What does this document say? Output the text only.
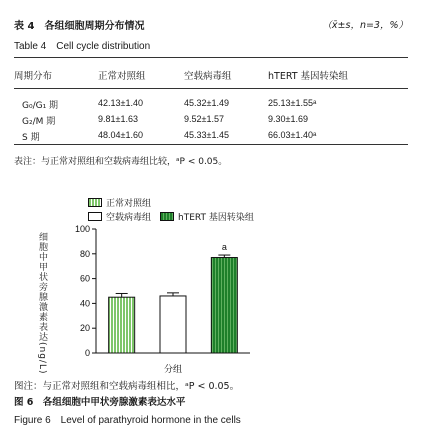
表 4　各组细胞周期分布情况	（x̄±s，n=3，%）
Table 4　Cell cycle distribution
周期分布	正常对照组	空载病毒组	hTERT 基因转染组
G₀/G₁ 期	42.13±1.40	45.32±1.49	25.13±1.55ᵃ
G₂/M 期	9.81±1.63	9.52±1.57	9.30±1.69
S 期	48.04±1.60	45.33±1.45	66.03±1.40ᵃ
表注：与正常对照组和空载病毒组比较，ᵃP < 0.05。
正常对照组
空载病毒组	hTERT 基因转染组
细胞中甲状旁腺激素表达(ng/L)	0
20
40
60
80
100
a
分组
图注：与正常对照组和空载病毒组相比，ᵃP < 0.05。
图 6　各组细胞中甲状旁腺激素表达水平
Figure 6　Level of parathyroid hormone in the cells
